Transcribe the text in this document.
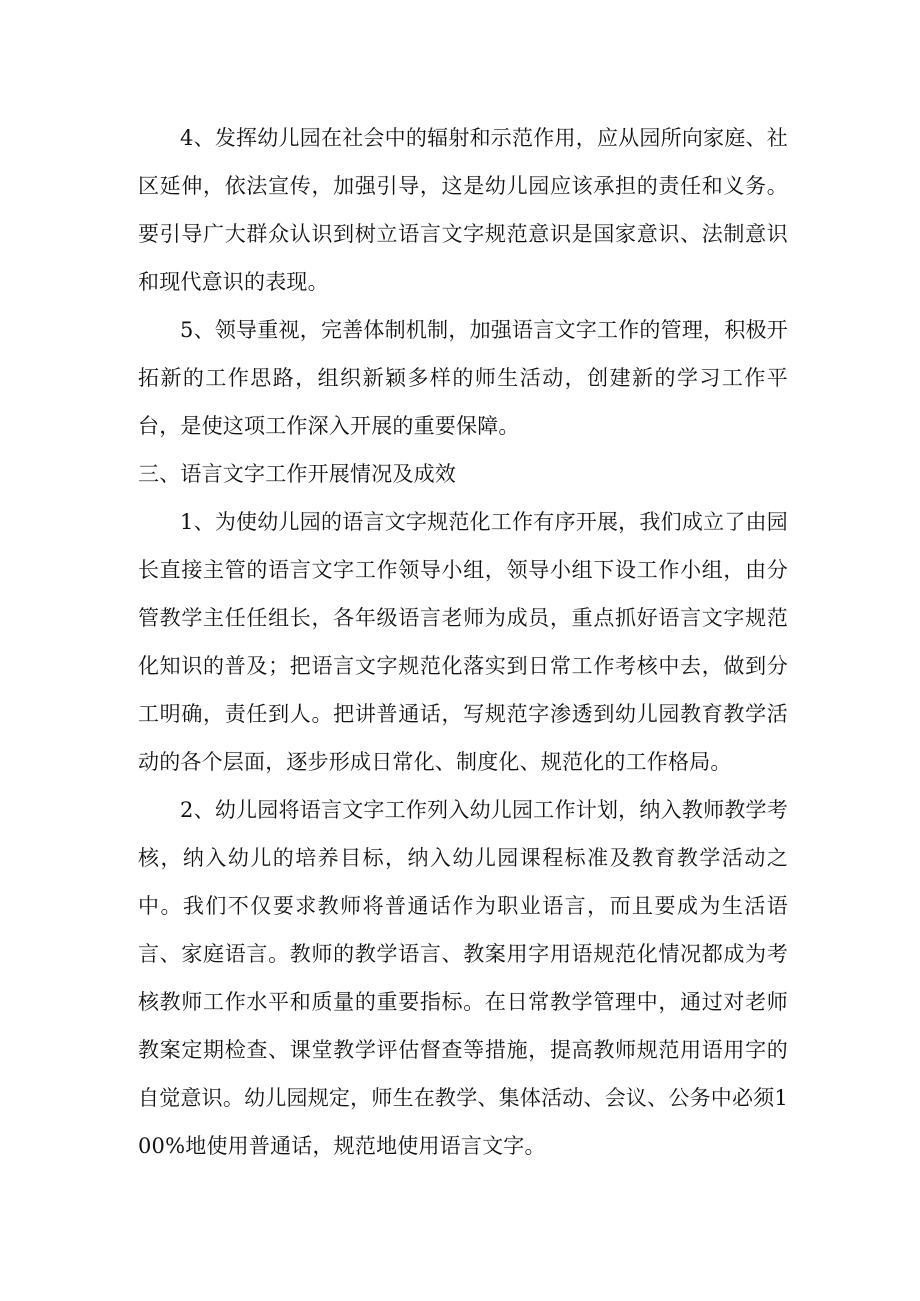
4、发挥幼儿园在社会中的辐射和示范作用，应从园所向家庭、社区延伸，依法宣传，加强引导，这是幼儿园应该承担的责任和义务。要引导广大群众认识到树立语言文字规范意识是国家意识、法制意识和现代意识的表现。

5、领导重视，完善体制机制，加强语言文字工作的管理，积极开拓新的工作思路，组织新颖多样的师生活动，创建新的学习工作平台，是使这项工作深入开展的重要保障。

三、语言文字工作开展情况及成效

1、为使幼儿园的语言文字规范化工作有序开展，我们成立了由园长直接主管的语言文字工作领导小组，领导小组下设工作小组，由分管教学主任任组长，各年级语言老师为成员，重点抓好语言文字规范化知识的普及；把语言文字规范化落实到日常工作考核中去，做到分工明确，责任到人。把讲普通话，写规范字渗透到幼儿园教育教学活动的各个层面，逐步形成日常化、制度化、规范化的工作格局。

2、幼儿园将语言文字工作列入幼儿园工作计划，纳入教师教学考核，纳入幼儿的培养目标，纳入幼儿园课程标准及教育教学活动之中。我们不仅要求教师将普通话作为职业语言，而且要成为生活语言、家庭语言。教师的教学语言、教案用字用语规范化情况都成为考核教师工作水平和质量的重要指标。在日常教学管理中，通过对老师教案定期检查、课堂教学评估督查等措施，提高教师规范用语用字的自觉意识。幼儿园规定，师生在教学、集体活动、会议、公务中必须100%地使用普通话，规范地使用语言文字。
